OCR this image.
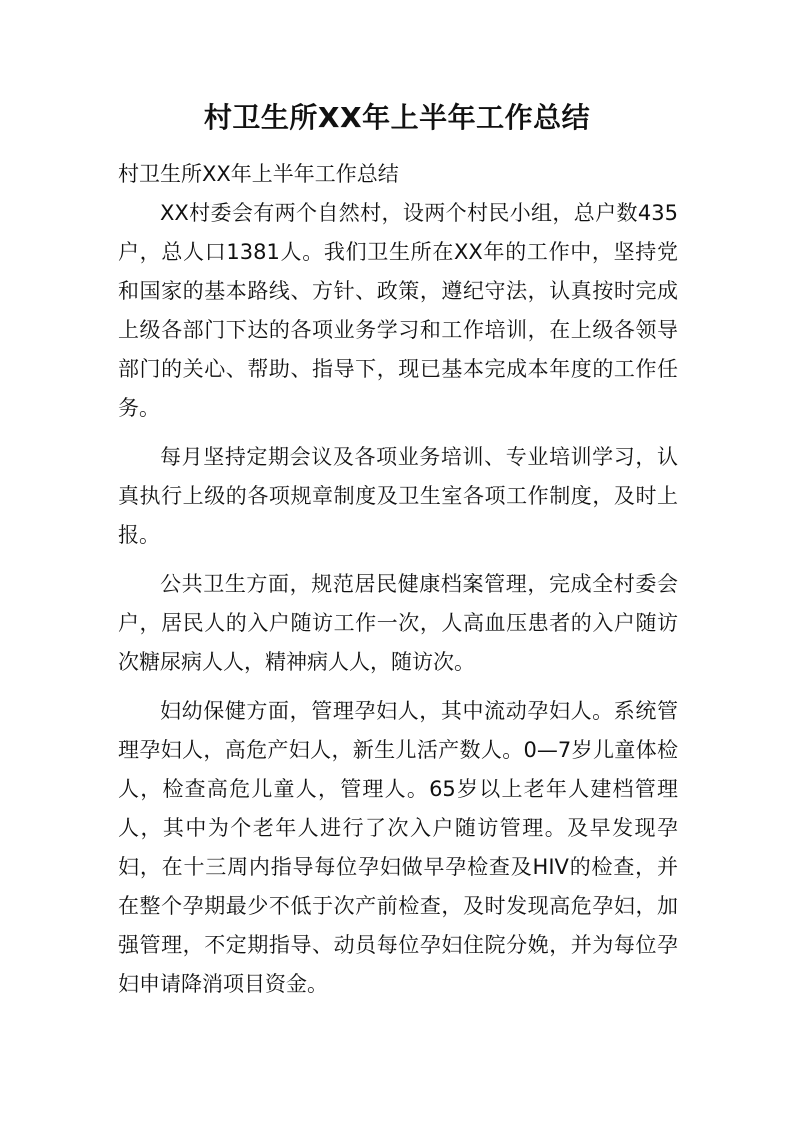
村卫生所XX年上半年工作总结

村卫生所XX年上半年工作总结

XX村委会有两个自然村，设两个村民小组，总户数435户，总人口1381人。我们卫生所在XX年的工作中，坚持党和国家的基本路线、方针、政策，遵纪守法，认真按时完成上级各部门下达的各项业务学习和工作培训，在上级各领导部门的关心、帮助、指导下，现已基本完成本年度的工作任务。

每月坚持定期会议及各项业务培训、专业培训学习，认真执行上级的各项规章制度及卫生室各项工作制度，及时上报。

公共卫生方面，规范居民健康档案管理，完成全村委会户，居民人的入户随访工作一次，人高血压患者的入户随访次糖尿病人人，精神病人人，随访次。

妇幼保健方面，管理孕妇人，其中流动孕妇人。系统管理孕妇人，高危产妇人，新生儿活产数人。0—7岁儿童体检人，检查高危儿童人，管理人。65岁以上老年人建档管理人，其中为个老年人进行了次入户随访管理。及早发现孕妇，在十三周内指导每位孕妇做早孕检查及HIV的检查，并在整个孕期最少不低于次产前检查，及时发现高危孕妇，加强管理，不定期指导、动员每位孕妇住院分娩，并为每位孕妇申请降消项目资金。
